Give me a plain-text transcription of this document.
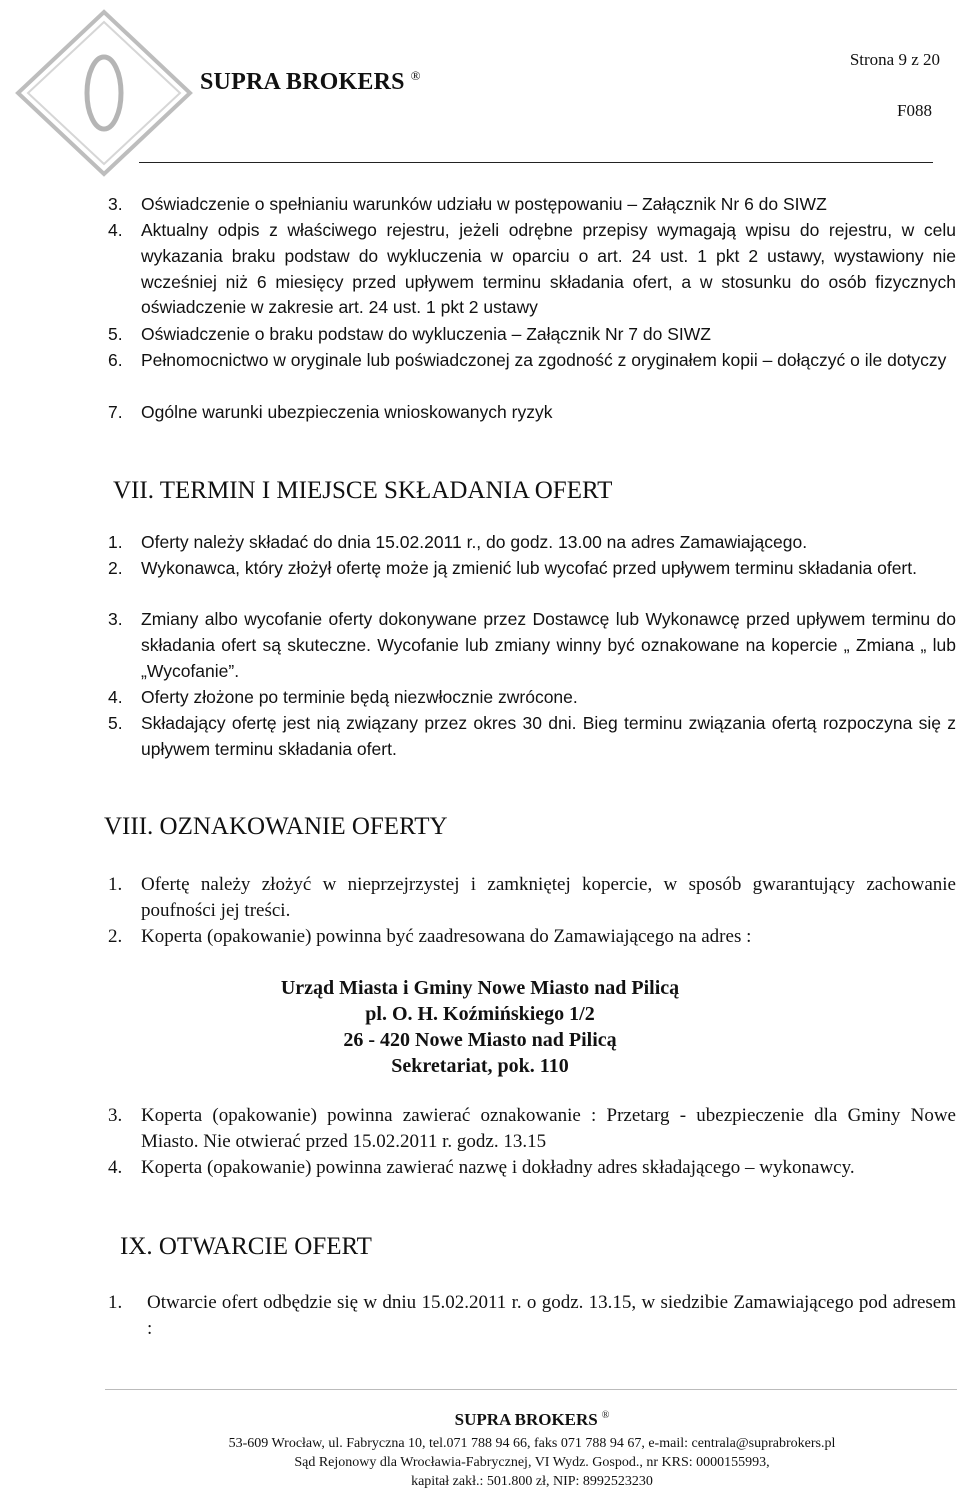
SUPRA BROKERS ®
Strona 9 z 20
F088
3. Oświadczenie o spełnianiu warunków udziału w postępowaniu – Załącznik Nr 6 do SIWZ
4. Aktualny odpis z właściwego rejestru, jeżeli odrębne przepisy wymagają wpisu do rejestru, w celu wykazania braku podstaw do wykluczenia w oparciu o art. 24 ust. 1 pkt 2 ustawy, wystawiony nie wcześniej niż 6 miesięcy przed upływem terminu składania ofert, a w stosunku do osób fizycznych oświadczenie w zakresie art. 24 ust. 1 pkt 2 ustawy
5. Oświadczenie o braku podstaw do wykluczenia – Załącznik Nr 7 do SIWZ
6. Pełnomocnictwo w oryginale lub poświadczonej za zgodność z oryginałem kopii – dołączyć o ile dotyczy
7. Ogólne warunki ubezpieczenia wnioskowanych ryzyk
VII. TERMIN I MIEJSCE SKŁADANIA OFERT
1. Oferty należy składać do dnia 15.02.2011 r., do godz. 13.00 na adres Zamawiającego.
2. Wykonawca, który złożył ofertę może ją zmienić lub wycofać przed upływem terminu składania ofert.
3. Zmiany albo wycofanie oferty dokonywane przez Dostawcę lub Wykonawcę przed upływem terminu do składania ofert są skuteczne. Wycofanie lub zmiany winny być oznakowane na kopercie „ Zmiana „ lub „Wycofanie”.
4. Oferty złożone po terminie będą niezwłocznie zwrócone.
5. Składający ofertę jest nią związany przez okres 30 dni. Bieg terminu związania ofertą rozpoczyna się z upływem terminu składania ofert.
VIII. OZNAKOWANIE OFERTY
1. Ofertę należy złożyć w nieprzejrzystej i zamkniętej kopercie, w sposób gwarantujący zachowanie poufności jej treści.
2. Koperta (opakowanie) powinna być zaadresowana do Zamawiającego na adres :
Urząd Miasta i Gminy Nowe Miasto nad Pilicą
pl. O. H. Koźmińskiego 1/2
26 - 420 Nowe Miasto nad Pilicą
Sekretariat, pok. 110
3. Koperta (opakowanie) powinna zawierać oznakowanie : Przetarg - ubezpieczenie dla Gminy Nowe Miasto. Nie otwierać przed 15.02.2011 r. godz. 13.15
4. Koperta (opakowanie) powinna zawierać nazwę i dokładny adres składającego – wykonawcy.
IX. OTWARCIE OFERT
1. Otwarcie ofert odbędzie się w dniu 15.02.2011 r. o godz. 13.15, w siedzibie Zamawiającego pod adresem :
SUPRA BROKERS ®
53-609 Wrocław, ul. Fabryczna 10, tel.071 788 94 66, faks 071 788 94 67, e-mail: centrala@suprabrokers.pl
Sąd Rejonowy dla Wrocławia-Fabrycznej, VI Wydz. Gospod., nr KRS: 0000155993,
kapitał zakł.: 501.800 zł, NIP: 8992523230
